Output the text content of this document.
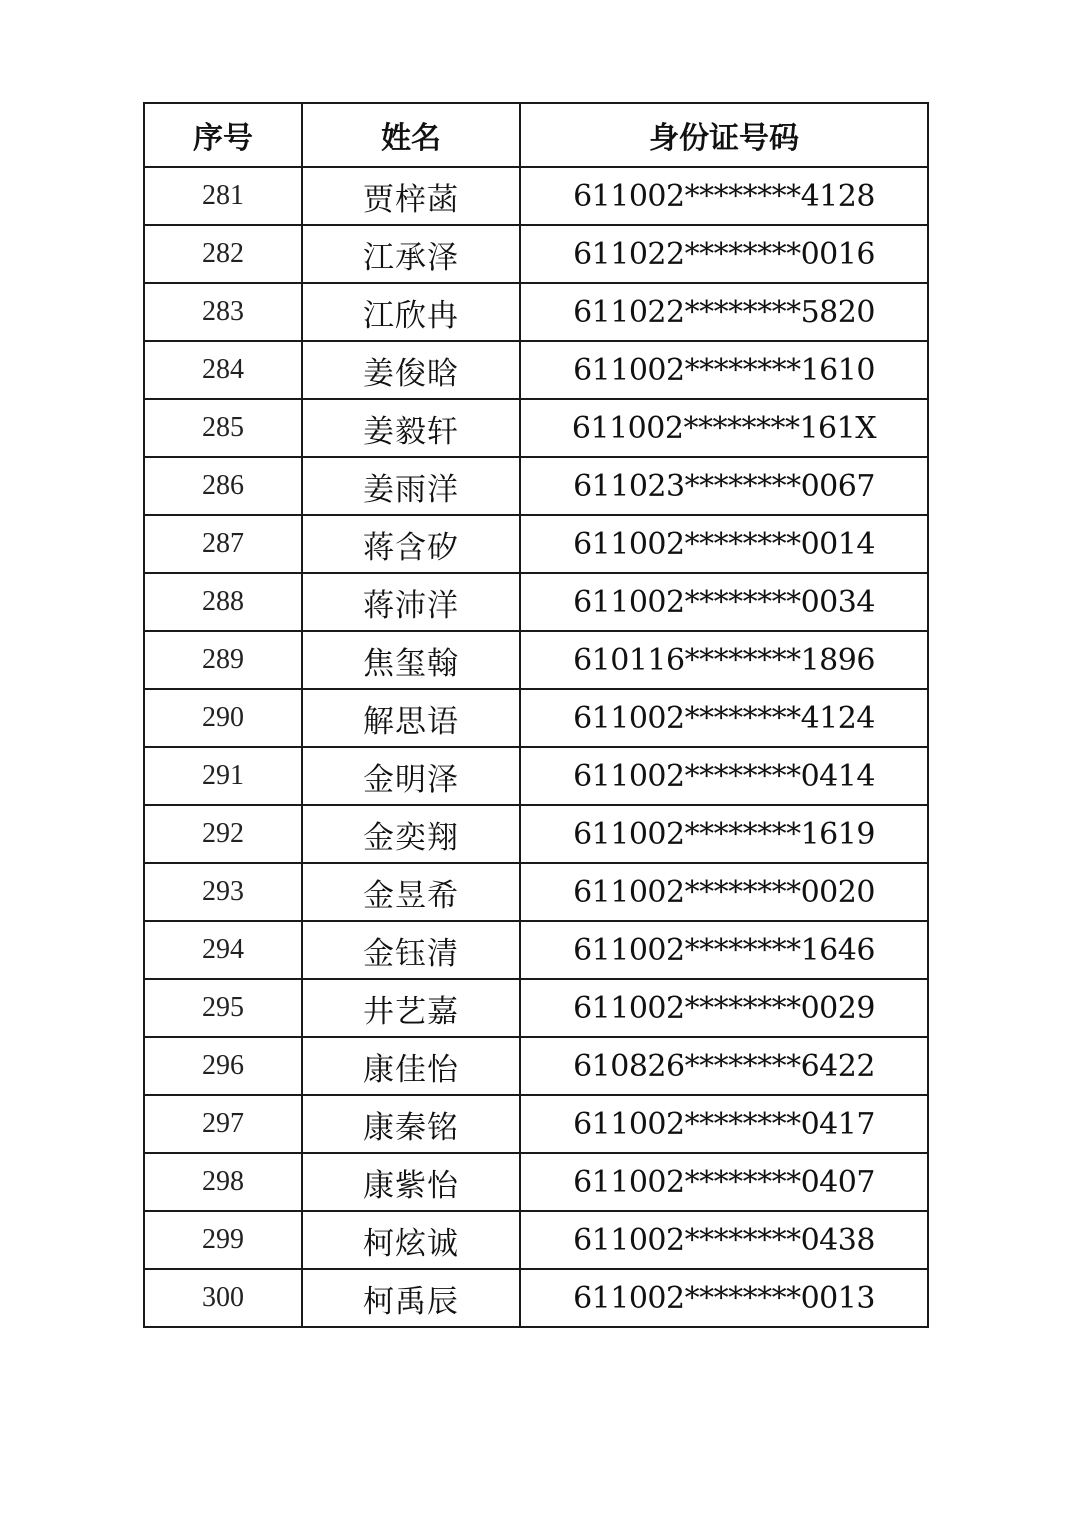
序号	姓名	身份证号码
281	贾梓菡	611002********4128
282	江承泽	611022********0016
283	江欣冉	611022********5820
284	姜俊晗	611002********1610
285	姜毅轩	611002********161X
286	姜雨洋	611023********0067
287	蒋含矽	611002********0014
288	蒋沛洋	611002********0034
289	焦玺翰	610116********1896
290	解思语	611002********4124
291	金明泽	611002********0414
292	金奕翔	611002********1619
293	金昱希	611002********0020
294	金钰清	611002********1646
295	井艺嘉	611002********0029
296	康佳怡	610826********6422
297	康秦铭	611002********0417
298	康紫怡	611002********0407
299	柯炫诚	611002********0438
300	柯禹辰	611002********0013
